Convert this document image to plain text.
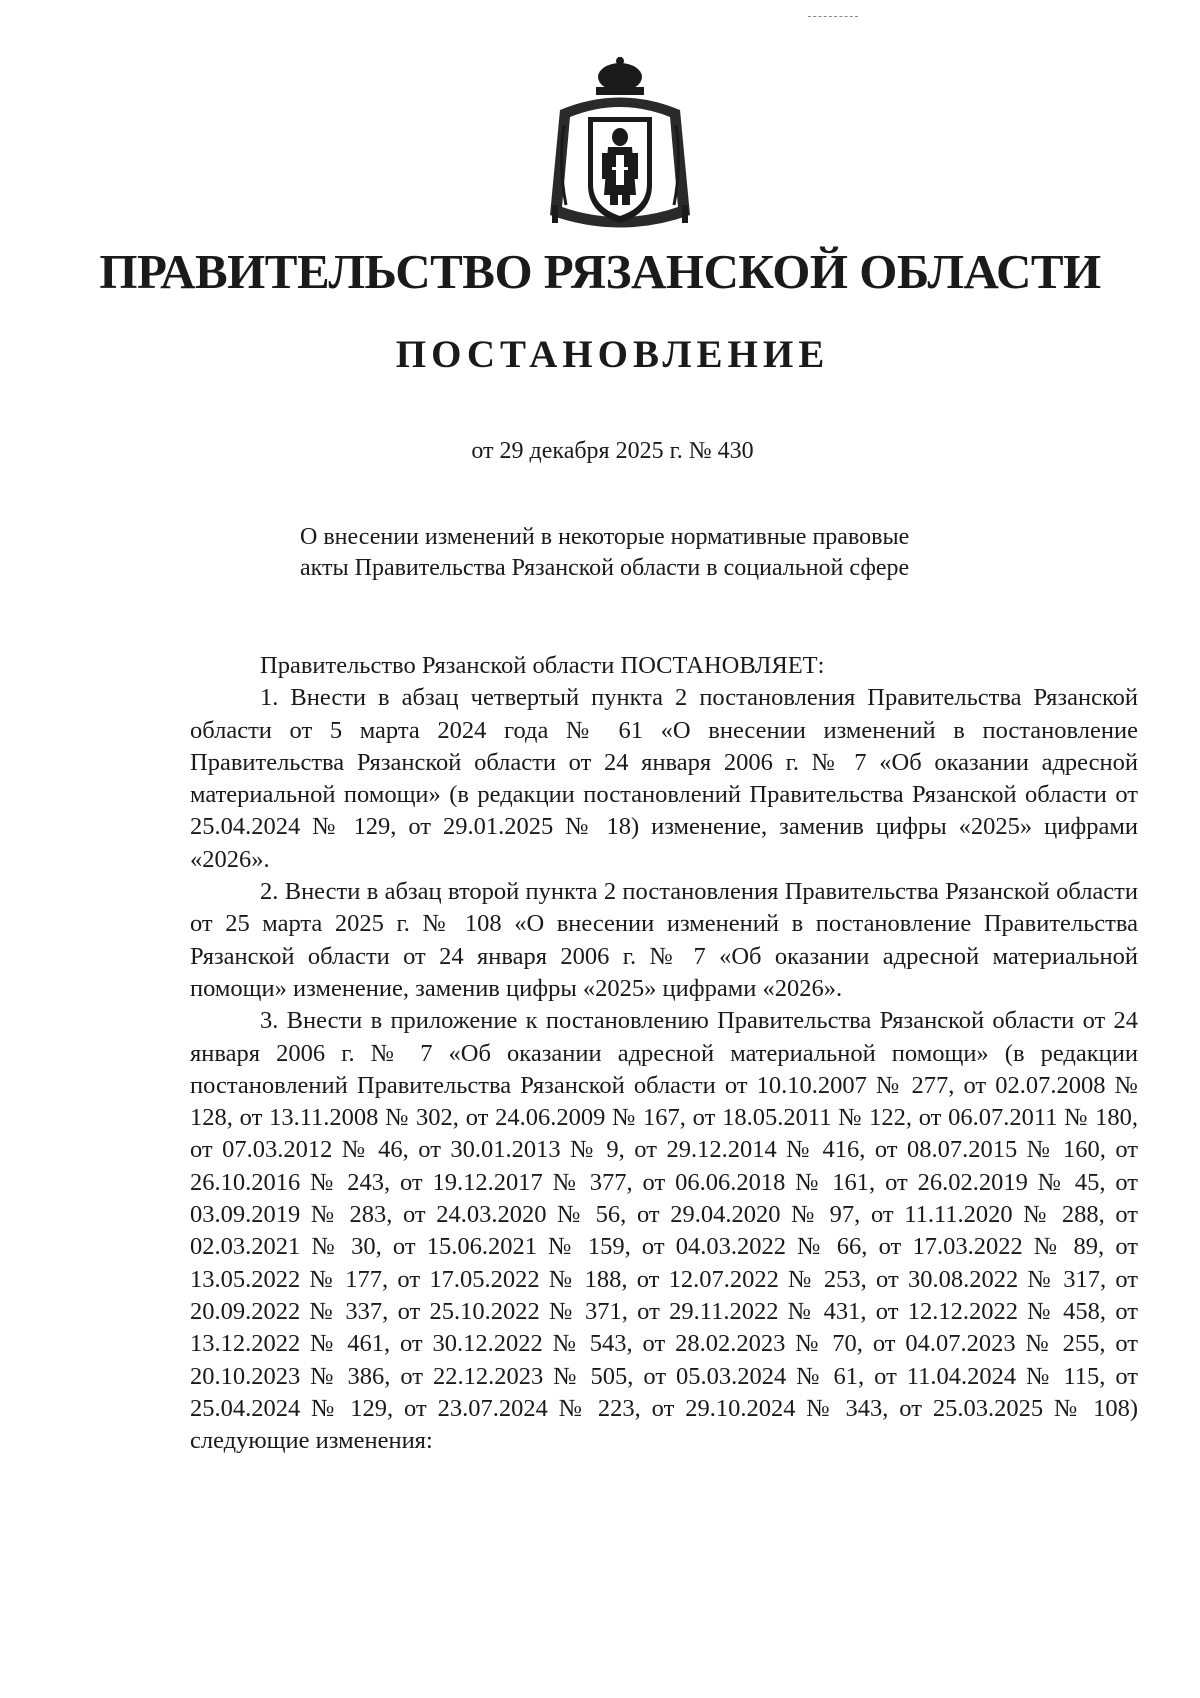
ПРАВИТЕЛЬСТВО РЯЗАНСКОЙ ОБЛАСТИ
ПОСТАНОВЛЕНИЕ

от 29 декабря 2025 г. № 430

О внесении изменений в некоторые нормативные правовые
акты Правительства Рязанской области в социальной сфере

Правительство Рязанской области ПОСТАНОВЛЯЕТ:

1. Внести в абзац четвертый пункта 2 постановления Правительства Рязанской области от 5 марта 2024 года № 61 «О внесении изменений в постановление Правительства Рязанской области от 24 января 2006 г. № 7 «Об оказании адресной материальной помощи» (в редакции постановлений Правительства Рязанской области от 25.04.2024 № 129, от 29.01.2025 № 18) изменение, заменив цифры «2025» цифрами «2026».

2. Внести в абзац второй пункта 2 постановления Правительства Рязанской области от 25 марта 2025 г. № 108 «О внесении изменений в постановление Правительства Рязанской области от 24 января 2006 г. № 7 «Об оказании адресной материальной помощи» изменение, заменив цифры «2025» цифрами «2026».

3. Внести в приложение к постановлению Правительства Рязанской области от 24 января 2006 г. № 7 «Об оказании адресной материальной помощи» (в редакции постановлений Правительства Рязанской области от 10.10.2007 № 277, от 02.07.2008 № 128, от 13.11.2008 № 302, от 24.06.2009 № 167, от 18.05.2011 № 122, от 06.07.2011 № 180, от 07.03.2012 № 46, от 30.01.2013 № 9, от 29.12.2014 № 416, от 08.07.2015 № 160, от 26.10.2016 № 243, от 19.12.2017 № 377, от 06.06.2018 № 161, от 26.02.2019 № 45, от 03.09.2019 № 283, от 24.03.2020 № 56, от 29.04.2020 № 97, от 11.11.2020 № 288, от 02.03.2021 № 30, от 15.06.2021 № 159, от 04.03.2022 № 66, от 17.03.2022 № 89, от 13.05.2022 № 177, от 17.05.2022 № 188, от 12.07.2022 № 253, от 30.08.2022 № 317, от 20.09.2022 № 337, от 25.10.2022 № 371, от 29.11.2022 № 431, от 12.12.2022 № 458, от 13.12.2022 № 461, от 30.12.2022 № 543, от 28.02.2023 № 70, от 04.07.2023 № 255, от 20.10.2023 № 386, от 22.12.2023 № 505, от 05.03.2024 № 61, от 11.04.2024 № 115, от 25.04.2024 № 129, от 23.07.2024 № 223, от 29.10.2024 № 343, от 25.03.2025 № 108) следующие изменения:
